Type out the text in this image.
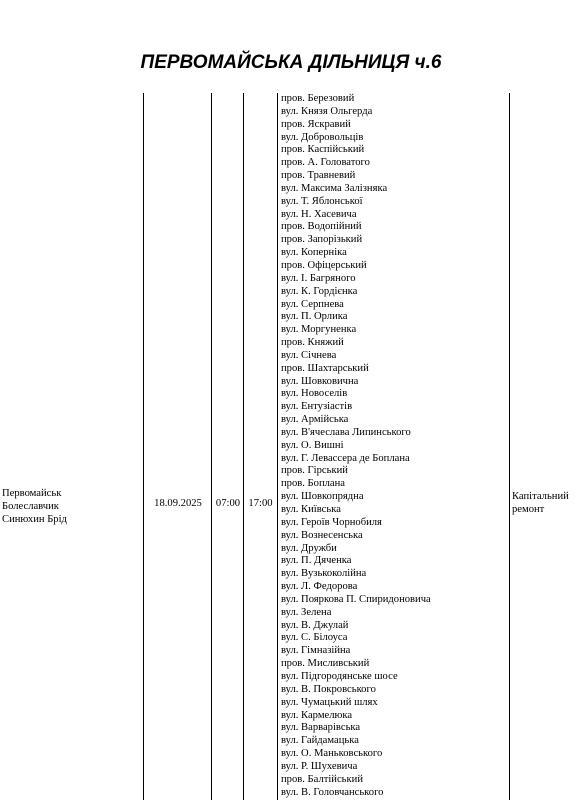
ПЕРВОМАЙСЬКА ДІЛЬНИЦЯ ч.6
Первомайськ
Болеславчик
Синюхин Брід
18.09.2025	07:00 17:00
пров. Березовий
вул. Князя Ольгерда
пров. Яскравий
вул. Добровольців
пров. Каспійський
пров. А. Головатого
пров. Травневий
вул. Максима Залізняка
вул. Т. Яблонської
вул. Н. Хасевича
пров. Водопійний
пров. Запорізький
вул. Коперніка
пров. Офіцерський
вул. І. Багряного
вул. К. Гордієнка
вул. Серпнева
вул. П. Орлика
вул. Моргуненка
пров. Княжий
вул. Січнева
пров. Шахтарський
вул. Шовковична
вул. Новоселів
вул. Ентузіастів
вул. Армійська
вул. В'ячеслава Липинського
вул. О. Вишні
вул. Г. Левассера де Боплана
пров. Гірський
пров. Боплана
вул. Шовкопряднa
вул. Київська
вул. Героїв Чорнобиля
вул. Вознесенська
вул. Дружби
вул. П. Дяченка
вул. Вузькоколійна
вул. Л. Федорова
вул. Пояркова П. Спиридоновича
вул. Зелена
вул. В. Джулай
вул. С. Білоуса
вул. Гімназійна
пров. Мисливський
вул. Підгородянське шосе
вул. В. Покровського
вул. Чумацький шлях
вул. Кармелюка
вул. Варварівська
вул. Гайдамацька
вул. О. Маньковського
вул. Р. Шухевича
пров. Балтійський
вул. В. Головчанського
Капітальний
ремонт
